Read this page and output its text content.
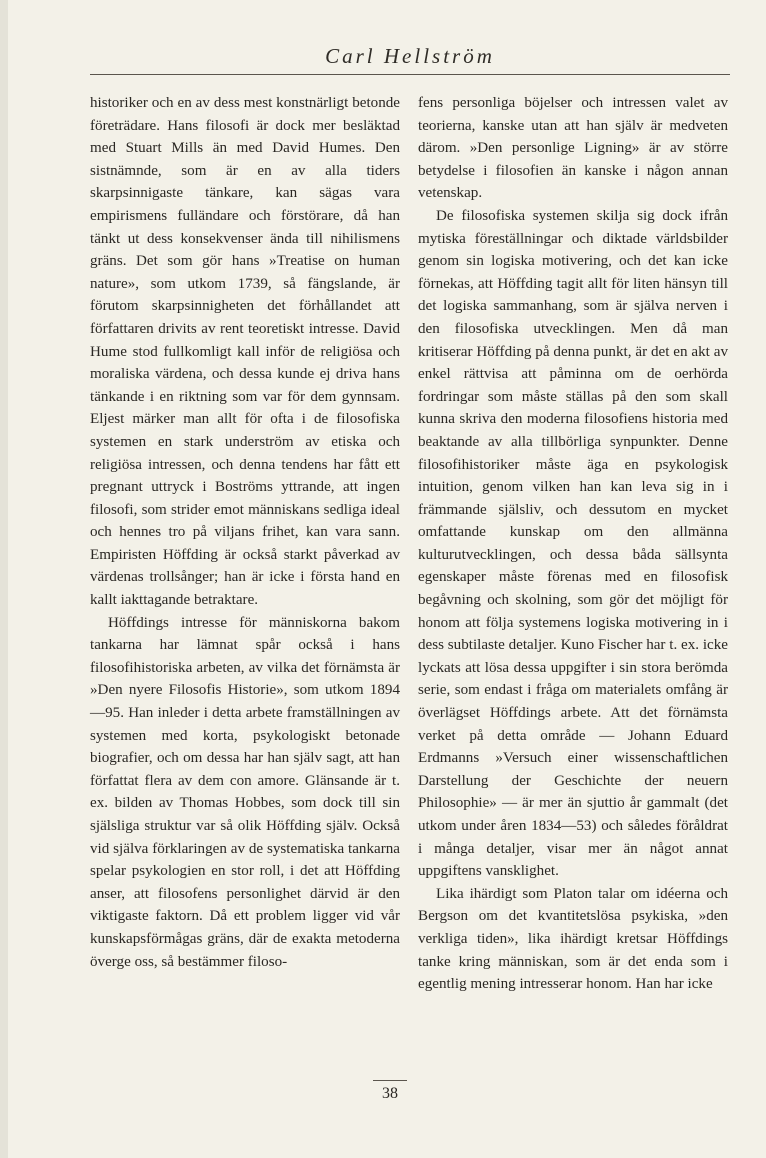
Carl Hellström

historiker och en av dess mest konstnärligt betonde företrädare. Hans filosofi är dock mer besläktad med Stuart Mills än med David Humes. Den sistnämnde, som är en av alla tiders skarpsinnigaste tänkare, kan sägas vara empirismens fulländare och förstörare, då han tänkt ut dess konsekvenser ända till nihilismens gräns. Det som gör hans »Treatise on human nature», som utkom 1739, så fängslande, är förutom skarpsinnigheten det förhållandet att författaren drivits av rent teoretiskt intresse. David Hume stod fullkomligt kall inför de religiösa och moraliska värdena, och dessa kunde ej driva hans tänkande i en riktning som var för dem gynnsam. Eljest märker man allt för ofta i de filosofiska systemen en stark underström av etiska och religiösa intressen, och denna tendens har fått ett pregnant uttryck i Boströms yttrande, att ingen filosofi, som strider emot människans sedliga ideal och hennes tro på viljans frihet, kan vara sann. Empiristen Höffding är också starkt påverkad av värdenas trollsånger; han är icke i första hand en kallt iakttagande betraktare.

Höffdings intresse för människorna bakom tankarna har lämnat spår också i hans filosofihistoriska arbeten, av vilka det förnämsta är »Den nyere Filosofis Historie», som utkom 1894—95. Han inleder i detta arbete framställningen av systemen med korta, psykologiskt betonade biografier, och om dessa har han själv sagt, att han författat flera av dem con amore. Glänsande är t. ex. bilden av Thomas Hobbes, som dock till sin själsliga struktur var så olik Höffding själv. Också vid själva förklaringen av de systematiska tankarna spelar psykologien en stor roll, i det att Höffding anser, att filosofens personlighet därvid är den viktigaste faktorn. Då ett problem ligger vid vår kunskapsförmågas gräns, där de exakta metoderna överge oss, så bestämmer filoso-

fens personliga böjelser och intressen valet av teorierna, kanske utan att han själv är medveten därom. »Den personlige Ligning» är av större betydelse i filosofien än kanske i någon annan vetenskap.

De filosofiska systemen skilja sig dock ifrån mytiska föreställningar och diktade världsbilder genom sin logiska motivering, och det kan icke förnekas, att Höffding tagit allt för liten hänsyn till det logiska sammanhang, som är själva nerven i den filosofiska utvecklingen. Men då man kritiserar Höffding på denna punkt, är det en akt av enkel rättvisa att påminna om de oerhörda fordringar som måste ställas på den som skall kunna skriva den moderna filosofiens historia med beaktande av alla tillbörliga synpunkter. Denne filosofihistoriker måste äga en psykologisk intuition, genom vilken han kan leva sig in i främmande själsliv, och dessutom en mycket omfattande kunskap om den allmänna kulturutvecklingen, och dessa båda sällsynta egenskaper måste förenas med en filosofisk begåvning och skolning, som gör det möjligt för honom att följa systemens logiska motivering in i dess subtilaste detaljer. Kuno Fischer har t. ex. icke lyckats att lösa dessa uppgifter i sin stora berömda serie, som endast i fråga om materialets omfång är överlägset Höffdings arbete. Att det förnämsta verket på detta område — Johann Eduard Erdmanns »Versuch einer wissenschaftlichen Darstellung der Geschichte der neuern Philosophie» — är mer än sjuttio år gammalt (det utkom under åren 1834—53) och således föråldrat i många detaljer, visar mer än något annat uppgiftens vansklighet.

Lika ihärdigt som Platon talar om idéerna och Bergson om det kvantitetslösa psykiska, »den verkliga tiden», lika ihärdigt kretsar Höffdings tanke kring människan, som är det enda som i egentlig mening intresserar honom. Han har icke

38
